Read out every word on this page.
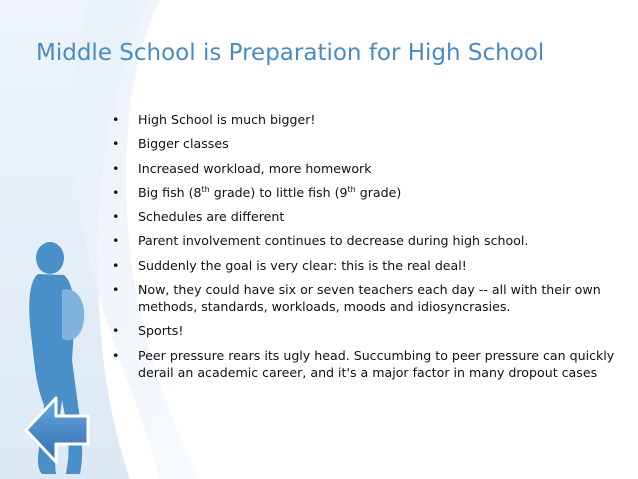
Middle School is Preparation for High School
• High School is much bigger!
• Bigger classes
• Increased workload, more homework
• Big fish (8th grade) to little fish (9th grade)
• Schedules are different
• Parent involvement continues to decrease during high school.
• Suddenly the goal is very clear: this is the real deal!
• Now, they could have six or seven teachers each day -- all with their own methods, standards, workloads, moods and idiosyncrasies.
• Sports!
• Peer pressure rears its ugly head. Succumbing to peer pressure can quickly derail an academic career, and it's a major factor in many dropout cases
